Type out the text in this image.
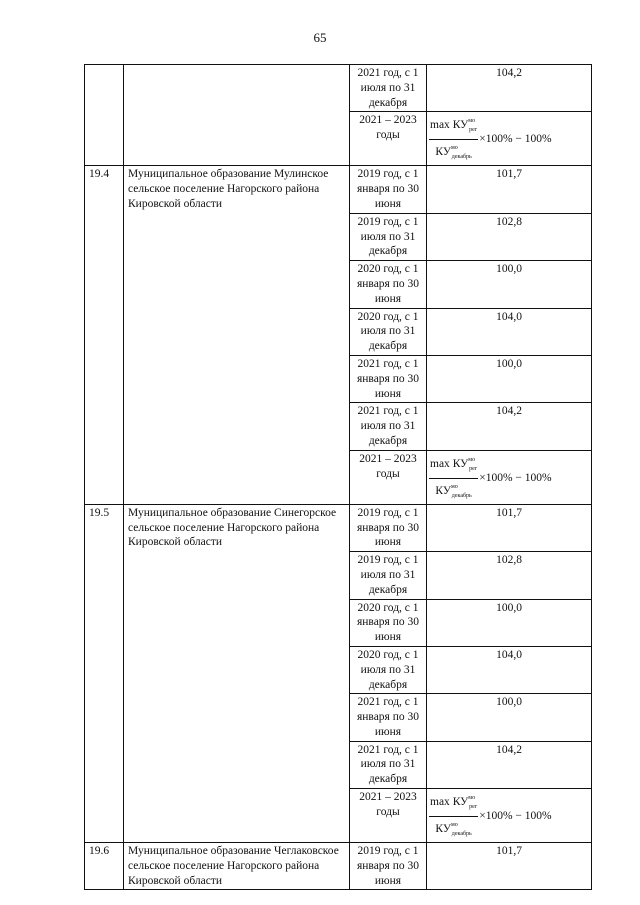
65
		2021 год, с 1 июля по 31 декабря	104,2
		2021 – 2023 годы	$\frac{\max КУ^{мо}_{рег}}{КУ^{мо}_{декабрь}} \times 100\% - 100\%$

19.4	Муниципальное образование Мулинское сельское поселение Нагорского района Кировской области	2019 год, с 1 января по 30 июня	101,7
		2019 год, с 1 июля по 31 декабря	102,8
		2020 год, с 1 января по 30 июня	100,0
		2020 год, с 1 июля по 31 декабря	104,0
		2021 год, с 1 января по 30 июня	100,0
		2021 год, с 1 июля по 31 декабря	104,2
		2021 – 2023 годы	$\frac{\max КУ^{мо}_{рег}}{КУ^{мо}_{декабрь}} \times 100\% - 100\%$

19.5	Муниципальное образование Синегорское сельское поселение Нагорского района Кировской области	2019 год, с 1 января по 30 июня	101,7
		2019 год, с 1 июля по 31 декабря	102,8
		2020 год, с 1 января по 30 июня	100,0
		2020 год, с 1 июля по 31 декабря	104,0
		2021 год, с 1 января по 30 июня	100,0
		2021 год, с 1 июля по 31 декабря	104,2
		2021 – 2023 годы	$\frac{\max КУ^{мо}_{рег}}{КУ^{мо}_{декабрь}} \times 100\% - 100\%$

19.6	Муниципальное образование Чеглаковское сельское поселение Нагорского района Кировской области	2019 год, с 1 января по 30 июня	101,7
